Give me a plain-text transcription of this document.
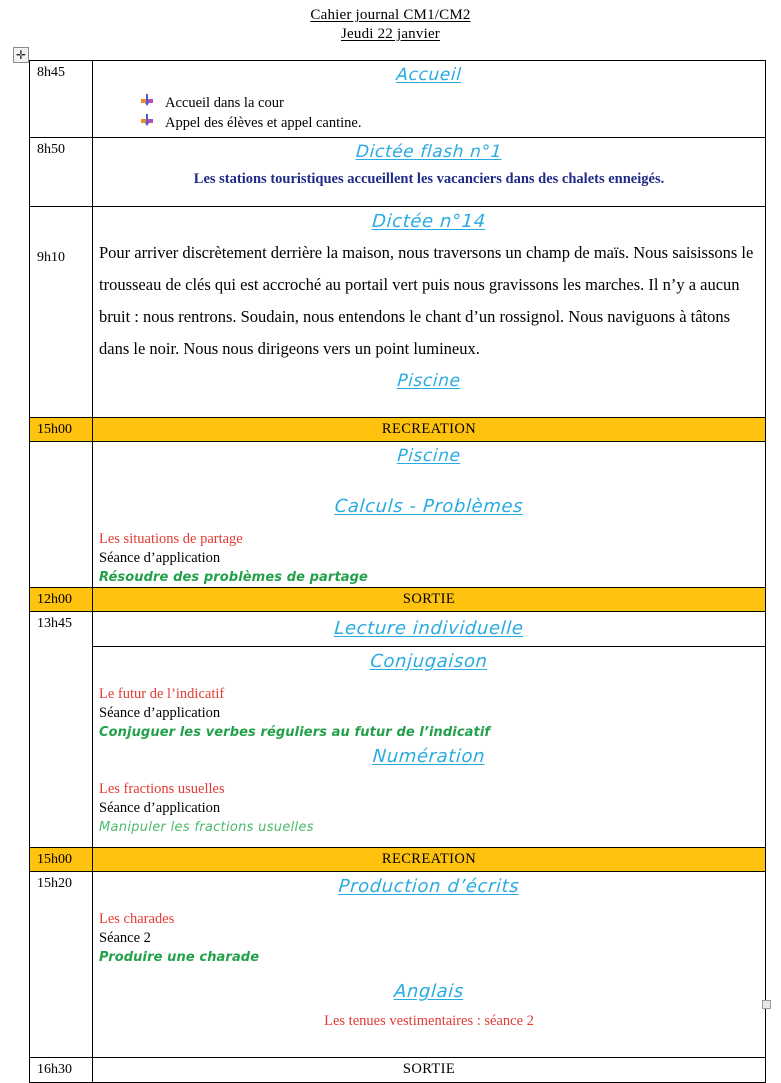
Cahier journal CM1/CM2
Jeudi 22 janvier
✛
8h45	Accueil
Accueil dans la cour
Appel des élèves et appel cantine.

8h50	Dictée flash n°1
Les stations touristiques accueillent les vacanciers dans des chalets enneigés.

9h10	Dictée n°14
Pour arriver discrètement derrière la maison, nous traversons un champ de maïs. Nous saisissons le trousseau de clés qui est accroché au portail vert puis nous gravissons les marches. Il n’y a aucun bruit : nous rentrons. Soudain, nous entendons le chant d’un rossignol. Nous naviguons à tâtons dans le noir. Nous nous dirigeons vers un point lumineux.
Piscine

15h00	RECREATION

	Piscine
Calculs - Problèmes
Les situations de partage
Séance d’application
Résoudre des problèmes de partage

12h00	SORTIE

13h45	Lecture individuelle
Conjugaison
Le futur de l’indicatif
Séance d’application
Conjuguer les verbes réguliers au futur de l’indicatif
Numération
Les fractions usuelles
Séance d’application
Manipuler les fractions usuelles

15h00	RECREATION

15h20	Production d’écrits
Les charades
Séance 2
Produire une charade
Anglais
Les tenues vestimentaires : séance 2

16h30	SORTIE
